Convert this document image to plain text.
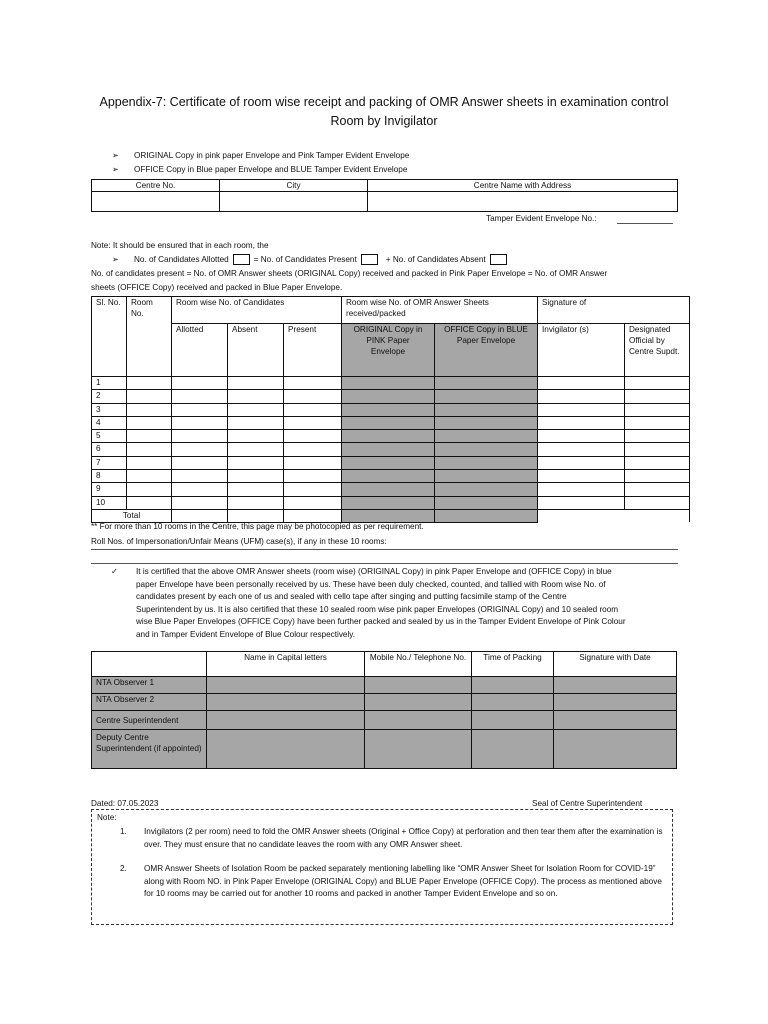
Appendix-7: Certificate of room wise receipt and packing of OMR Answer sheets in examination control
Room by Invigilator
➢ ORIGINAL Copy in pink paper Envelope and Pink Tamper Evident Envelope
➢ OFFICE Copy in Blue paper Envelope and BLUE Tamper Evident Envelope
Centre No.	City	Centre Name with Address

Tamper Evident Envelope No.:
Note: It should be ensured that in each room, the
➢ No. of Candidates Allotted	= No. of Candidates Present	+ No. of Candidates Absent
No. of candidates present = No. of OMR Answer sheets (ORIGINAL Copy) received and packed in Pink Paper Envelope = No. of OMR Answer
sheets (OFFICE Copy) received and packed in Blue Paper Envelope.
Sl. No.	Room No.	Room wise No. of Candidates			Room wise No. of OMR Answer Sheets received/packed		Signature of	
		Allotted	Absent	Present	ORIGINAL Copy in PINK Paper Envelope	OFFICE Copy in BLUE Paper Envelope	Invigilator (s)	Designated Official by Centre Supdt.
1								
2								
3								
4								
5								
6								
7								
8								
9								
10								
Total								
** For more than 10 rooms in the Centre, this page may be photocopied as per requirement.
Roll Nos. of Impersonation/Unfair Means (UFM) case(s), if any in these 10 rooms:
✓ It is certified that the above OMR Answer sheets (room wise) (ORIGINAL Copy) in pink Paper Envelope and (OFFICE Copy) in blue
paper Envelope have been personally received by us. These have been duly checked, counted, and tallied with Room wise No. of
candidates present by each one of us and sealed with cello tape after singing and putting facsimile stamp of the Centre
Superintendent by us. It is also certified that these 10 sealed room wise pink paper Envelopes (ORIGINAL Copy) and 10 sealed room
wise Blue Paper Envelopes (OFFICE Copy) have been further packed and sealed by us in the Tamper Evident Envelope of Pink Colour
and in Tamper Evident Envelope of Blue Colour respectively.
	Name in Capital letters	Mobile No./ Telephone No.	Time of Packing	Signature with Date
NTA Observer 1				
NTA Observer 2				
Centre Superintendent				
Deputy Centre Superintendent (if appointed)				
Dated: 07.05.2023	Seal of Centre Superintendent
Note:
1. Invigilators (2 per room) need to fold the OMR Answer sheets (Original + Office Copy) at perforation and then tear them after the examination is over. They must ensure that no candidate leaves the room with any OMR Answer sheet.
2. OMR Answer Sheets of Isolation Room be packed separately mentioning labelling like “OMR Answer Sheet for Isolation Room for COVID-19” along with Room NO. in Pink Paper Envelope (ORIGINAL Copy) and BLUE Paper Envelope (OFFICE Copy). The process as mentioned above for 10 rooms may be carried out for another 10 rooms and packed in another Tamper Evident Envelope and so on.
